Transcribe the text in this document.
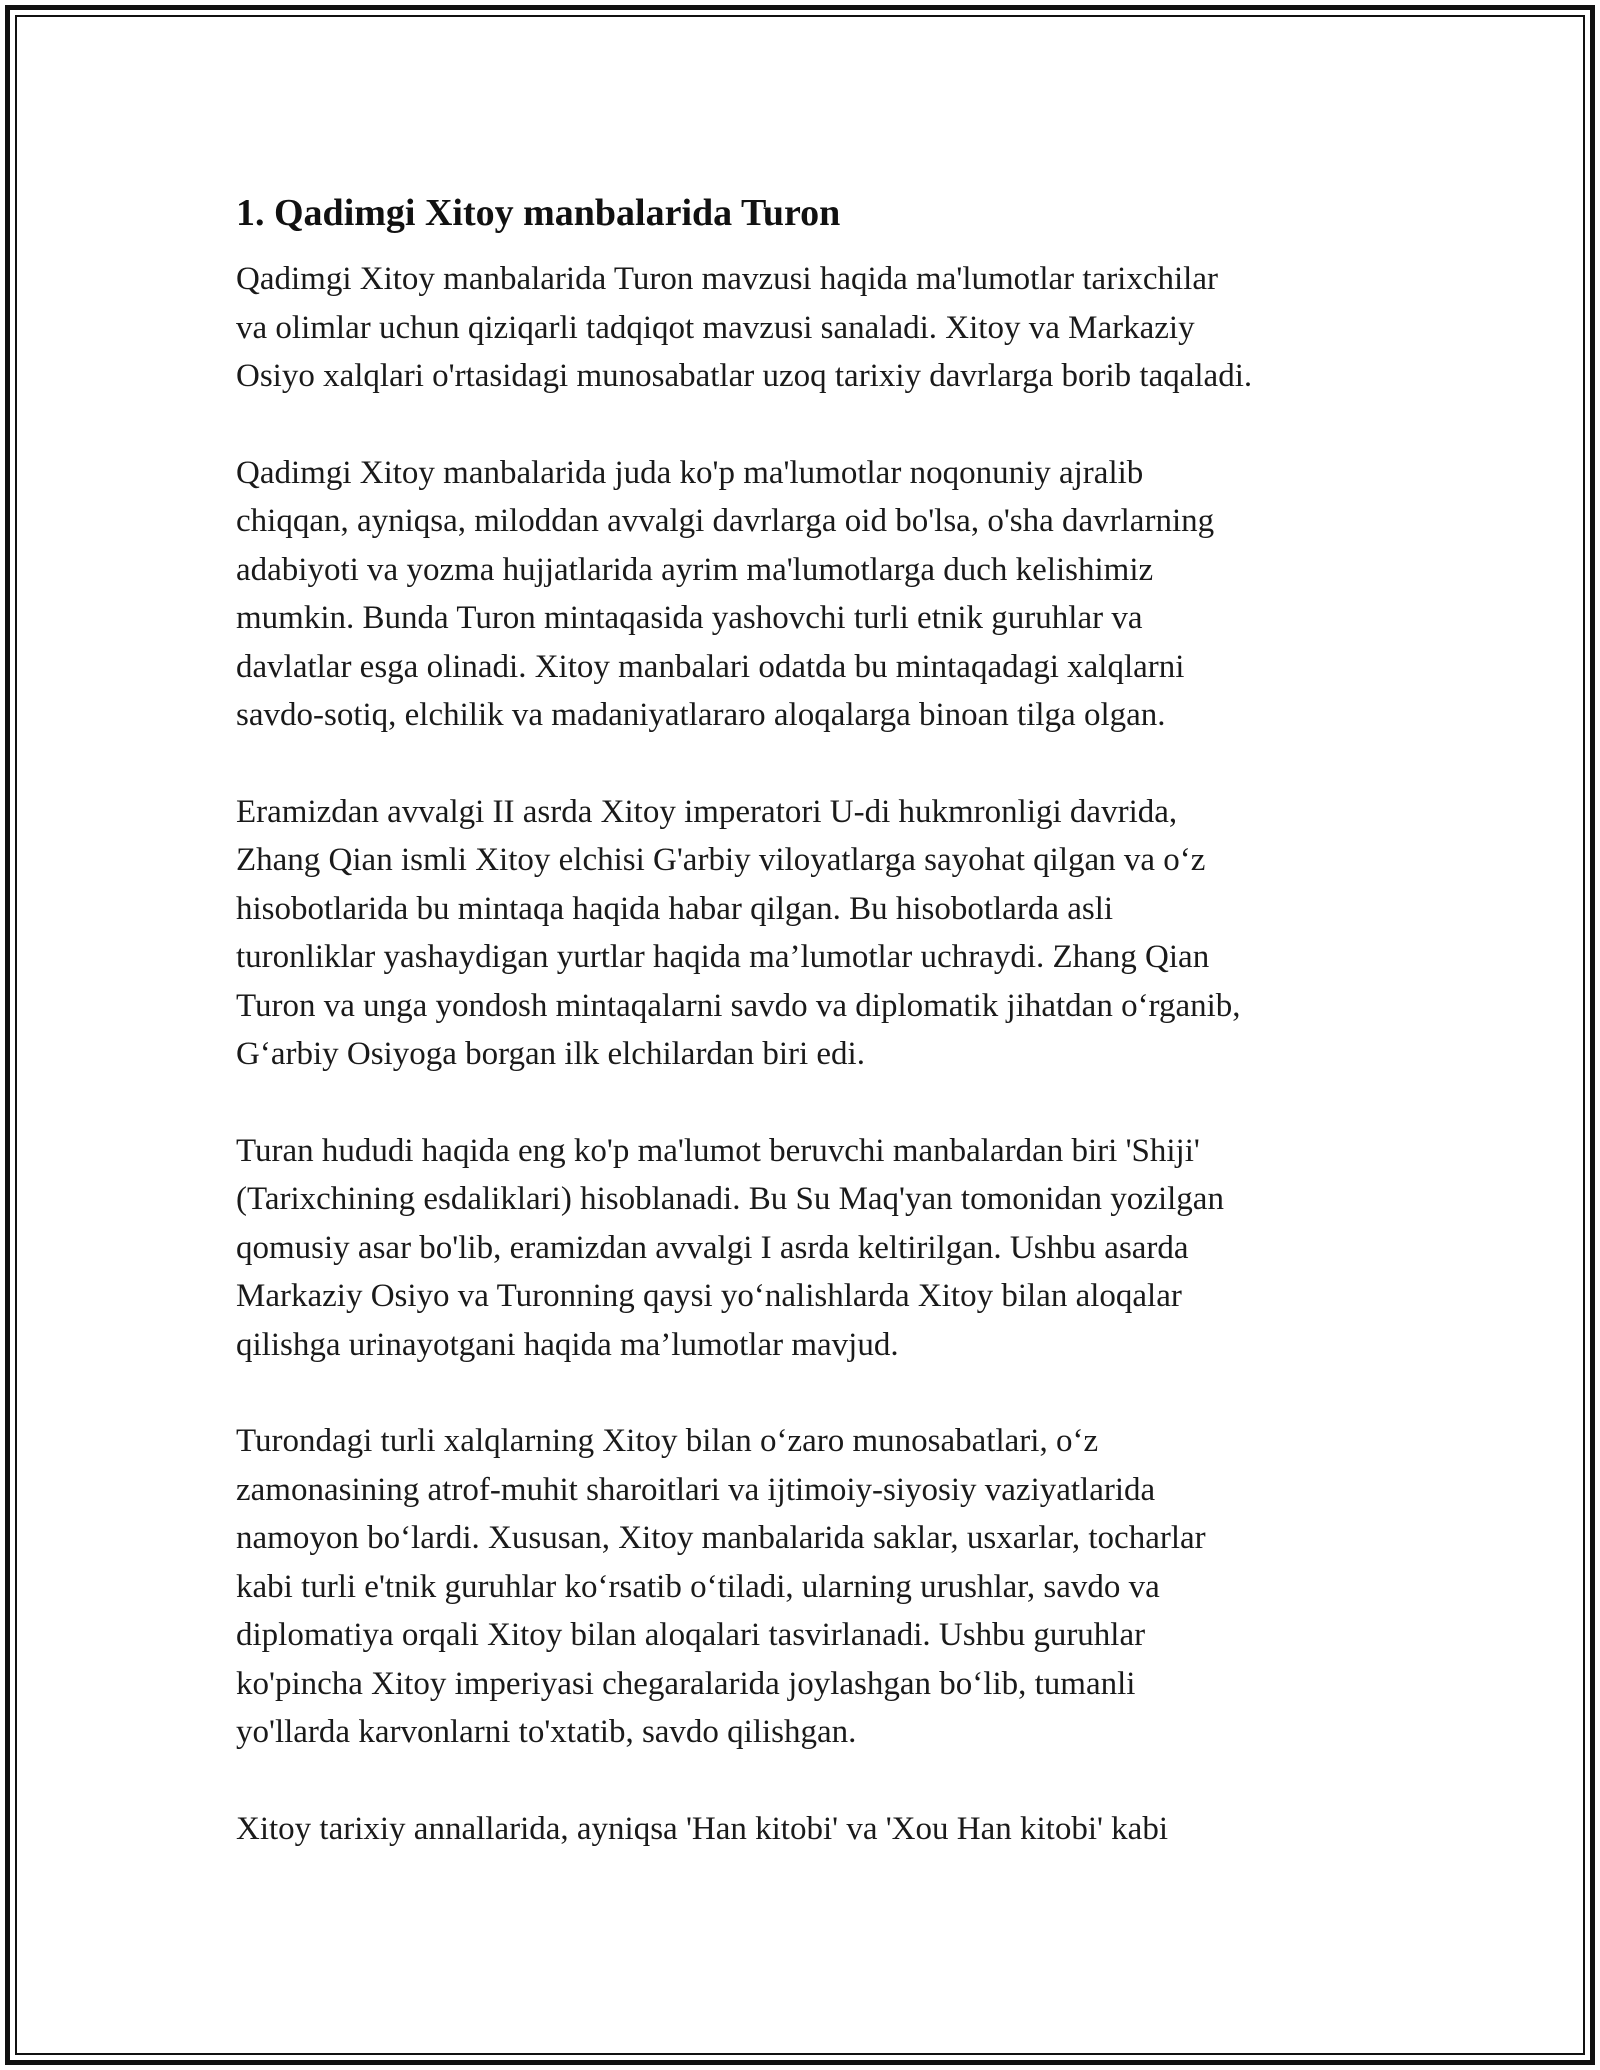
1. Qadimgi Xitoy manbalarida Turon

Qadimgi Xitoy manbalarida Turon mavzusi haqida ma'lumotlar tarixchilar
va olimlar uchun qiziqarli tadqiqot mavzusi sanaladi. Xitoy va Markaziy
Osiyo xalqlari o'rtasidagi munosabatlar uzoq tarixiy davrlarga borib taqaladi.

Qadimgi Xitoy manbalarida juda ko'p ma'lumotlar noqonuniy ajralib
chiqqan, ayniqsa, miloddan avvalgi davrlarga oid bo'lsa, o'sha davrlarning
adabiyoti va yozma hujjatlarida ayrim ma'lumotlarga duch kelishimiz
mumkin. Bunda Turon mintaqasida yashovchi turli etnik guruhlar va
davlatlar esga olinadi. Xitoy manbalari odatda bu mintaqadagi xalqlarni
savdo-sotiq, elchilik va madaniyatlararo aloqalarga binoan tilga olgan.

Eramizdan avvalgi II asrda Xitoy imperatori U-di hukmronligi davrida,
Zhang Qian ismli Xitoy elchisi G'arbiy viloyatlarga sayohat qilgan va o‘z
hisobotlarida bu mintaqa haqida habar qilgan. Bu hisobotlarda asli
turonliklar yashaydigan yurtlar haqida ma’lumotlar uchraydi. Zhang Qian
Turon va unga yondosh mintaqalarni savdo va diplomatik jihatdan o‘rganib,
G‘arbiy Osiyoga borgan ilk elchilardan biri edi.

Turan hududi haqida eng ko'p ma'lumot beruvchi manbalardan biri 'Shiji'
(Tarixchining esdaliklari) hisoblanadi. Bu Su Maq'yan tomonidan yozilgan
qomusiy asar bo'lib, eramizdan avvalgi I asrda keltirilgan. Ushbu asarda
Markaziy Osiyo va Turonning qaysi yo‘nalishlarda Xitoy bilan aloqalar
qilishga urinayotgani haqida ma’lumotlar mavjud.

Turondagi turli xalqlarning Xitoy bilan o‘zaro munosabatlari, o‘z
zamonasining atrof-muhit sharoitlari va ijtimoiy-siyosiy vaziyatlarida
namoyon bo‘lardi. Xususan, Xitoy manbalarida saklar, usxarlar, tocharlar
kabi turli e'tnik guruhlar ko‘rsatib o‘tiladi, ularning urushlar, savdo va
diplomatiya orqali Xitoy bilan aloqalari tasvirlanadi. Ushbu guruhlar
ko'pincha Xitoy imperiyasi chegaralarida joylashgan bo‘lib, tumanli
yo'llarda karvonlarni to'xtatib, savdo qilishgan.

Xitoy tarixiy annallarida, ayniqsa 'Han kitobi' va 'Xou Han kitobi' kabi
